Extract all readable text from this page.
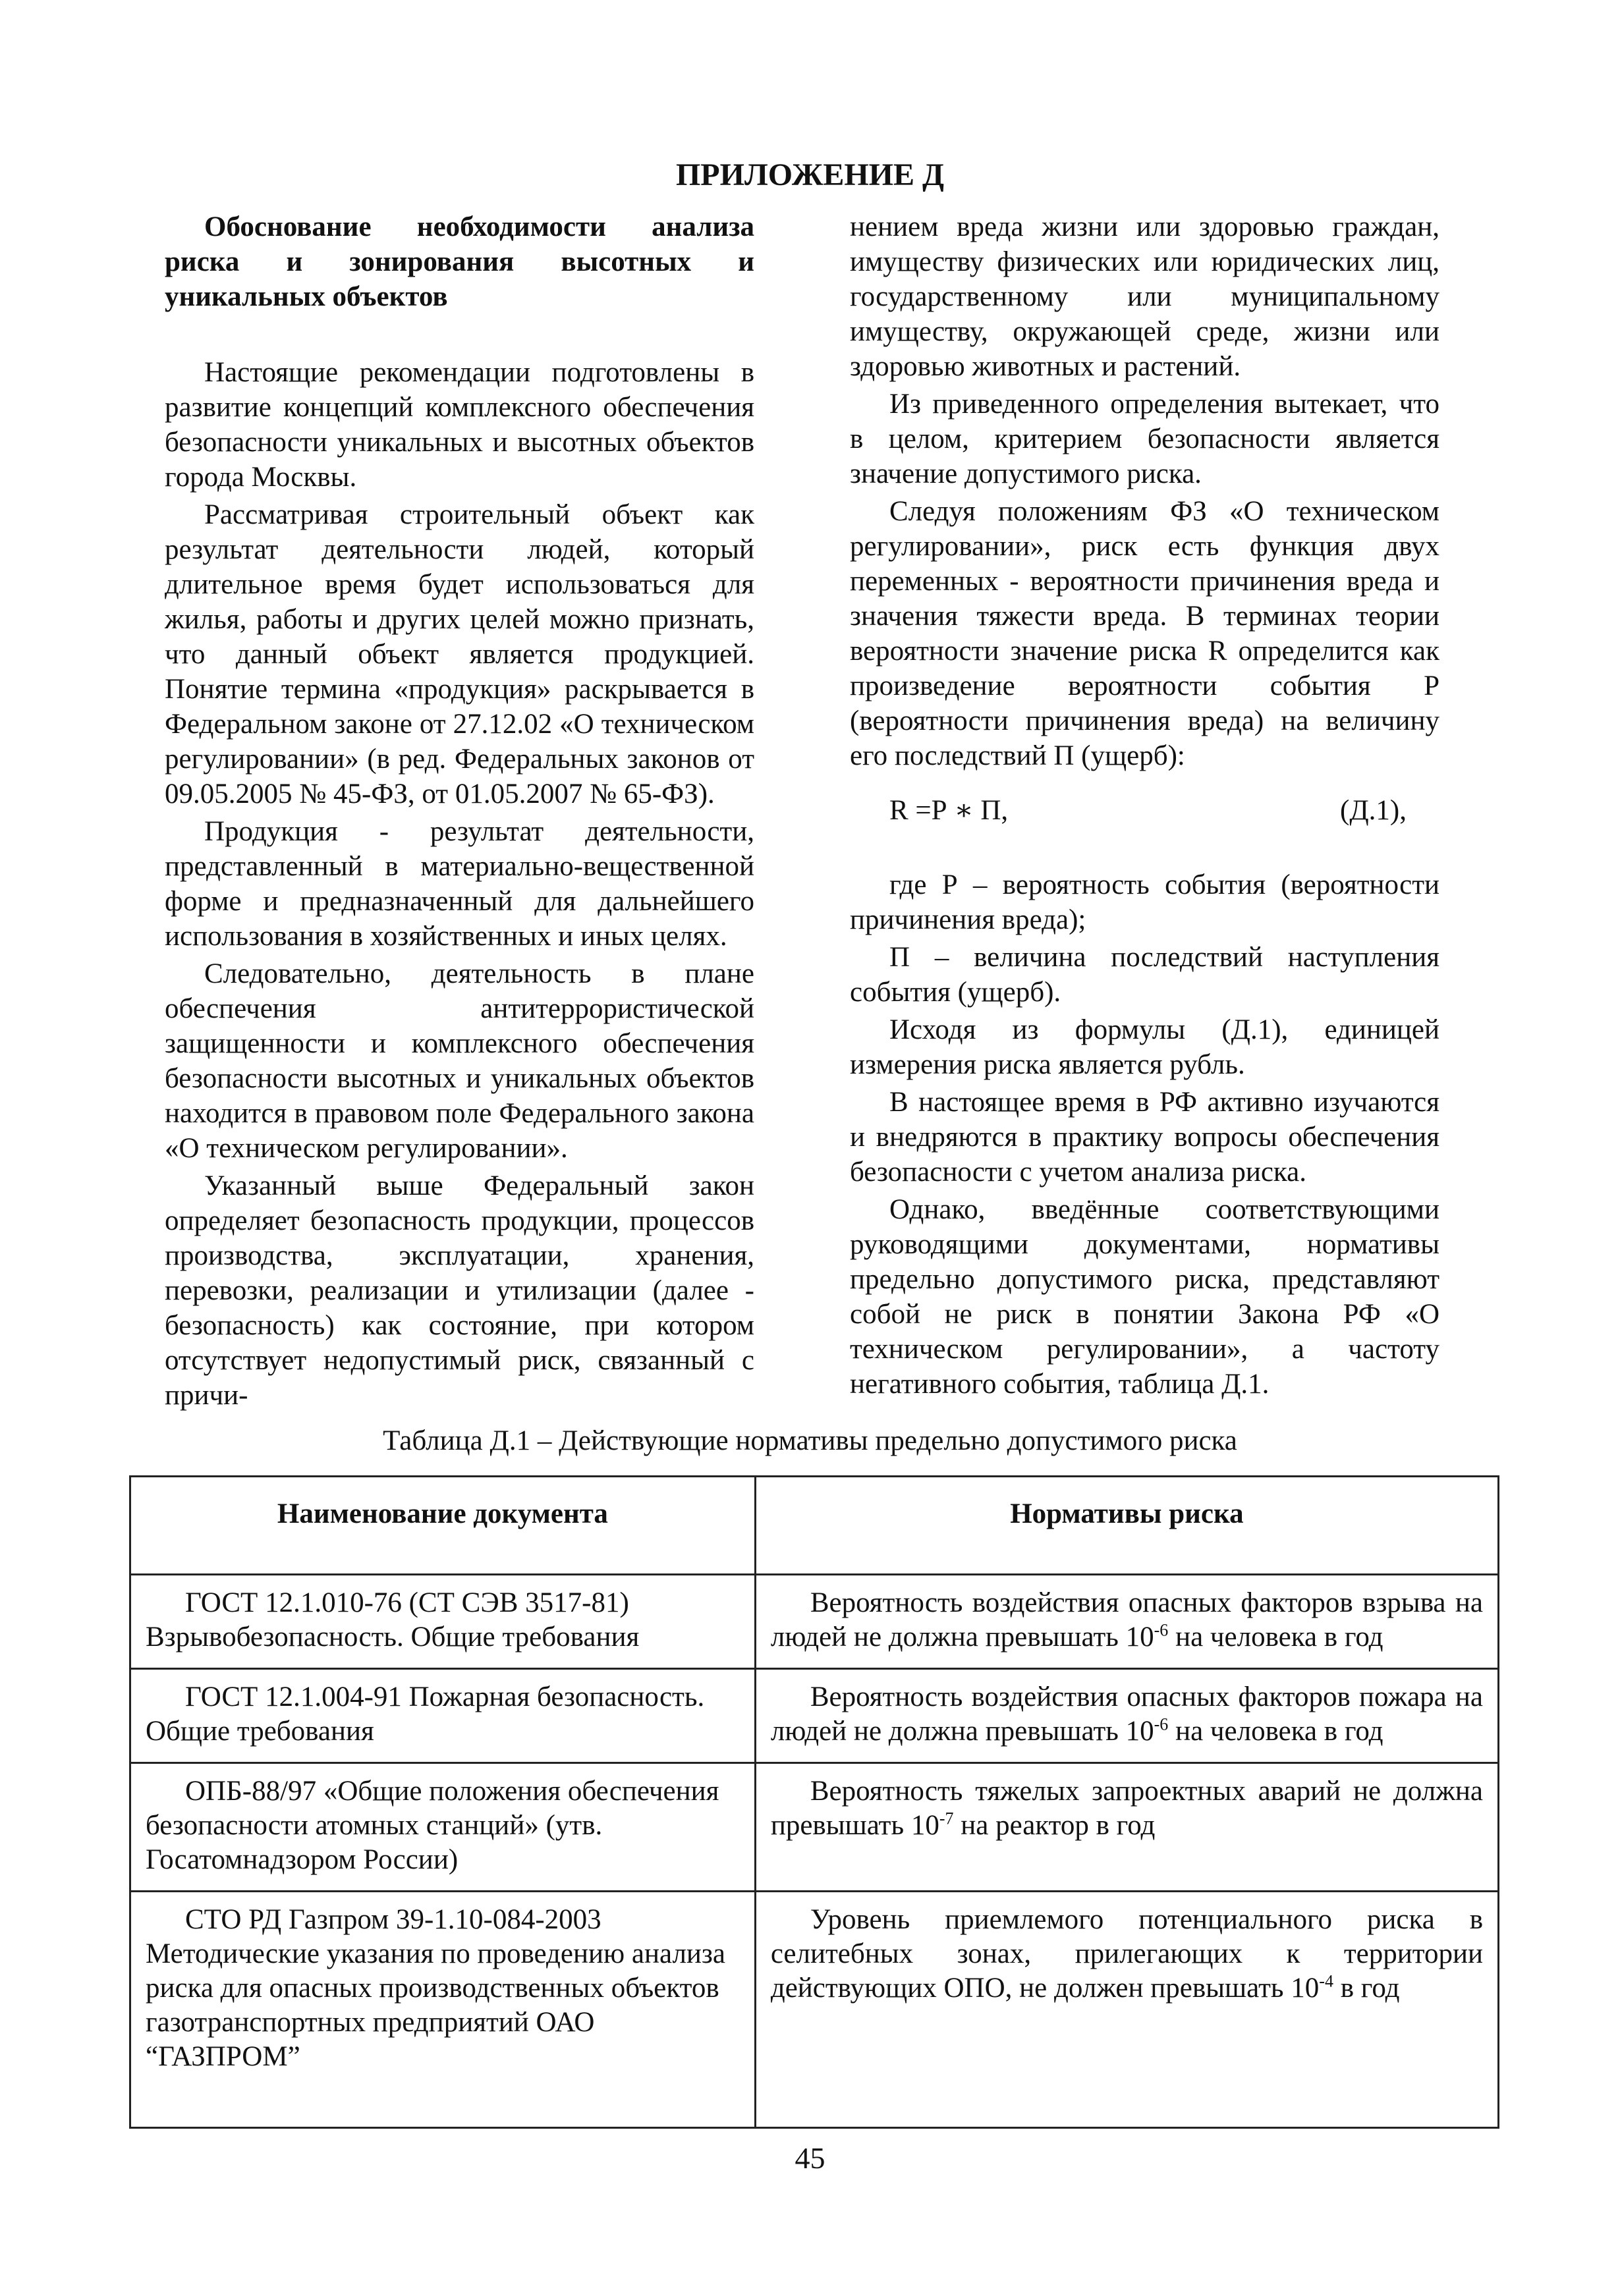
ПРИЛОЖЕНИЕ Д

Обоснование необходимости анализа риска и зонирования высотных и уникальных объектов

Настоящие рекомендации подготовлены в развитие концепций комплексного обеспечения безопасности уникальных и высотных объектов города Москвы.

Рассматривая строительный объект как результат деятельности людей, который длительное время будет использоваться для жилья, работы и других целей можно признать, что данный объект является продукцией. Понятие термина «продукция» раскрывается в Федеральном законе от 27.12.02 «О техническом регулировании» (в ред. Федеральных законов от 09.05.2005 № 45-ФЗ, от 01.05.2007 № 65-ФЗ).

Продукция - результат деятельности, представленный в материально-вещественной форме и предназначенный для дальнейшего использования в хозяйственных и иных целях.

Следовательно, деятельность в плане обеспечения антитеррористической защищенности и комплексного обеспечения безопасности высотных и уникальных объектов находится в правовом поле Федерального закона «О техническом регулировании».

Указанный выше Федеральный закон определяет безопасность продукции, процессов производства, эксплуатации, хранения, перевозки, реализации и утилизации (далее - безопасность) как состояние, при котором отсутствует недопустимый риск, связанный с причи-

нением вреда жизни или здоровью граждан, имуществу физических или юридических лиц, государственному или муниципальному имуществу, окружающей среде, жизни или здоровью животных и растений.

Из приведенного определения вытекает, что в целом, критерием безопасности является значение допустимого риска.

Следуя положениям ФЗ «О техническом регулировании», риск есть функция двух переменных - вероятности причинения вреда и значения тяжести вреда. В терминах теории вероятности значение риска R определится как произведение вероятности события Р (вероятности причинения вреда) на величину его последствий П (ущерб):

R =Р ∗ П,	(Д.1),

где Р – вероятность события (вероятности причинения вреда);

П – величина последствий наступления события (ущерб).

Исходя из формулы (Д.1), единицей измерения риска является рубль.

В настоящее время в РФ активно изучаются и внедряются в практику вопросы обеспечения безопасности с учетом анализа риска.

Однако, введённые соответствующими руководящими документами, нормативы предельно допустимого риска, представляют собой не риск в понятии Закона РФ «О техническом регулировании», а частоту негативного события, таблица Д.1.

Таблица Д.1 – Действующие нормативы предельно допустимого риска

Наименование документа	Нормативы риска
ГОСТ 12.1.010-76 (СТ СЭВ 3517-81) Взрывобезопасность. Общие требования	Вероятность воздействия опасных факторов взрыва на людей не должна превышать $10^{-6}$ на человека в год
ГОСТ 12.1.004-91 Пожарная безопасность. Общие требования	Вероятность воздействия опасных факторов пожара на людей не должна превышать $10^{-6}$ на человека в год
ОПБ-88/97 «Общие положения обеспечения безопасности атомных станций» (утв. Госатомнадзором России)	Вероятность тяжелых запроектных аварий не должна превышать $10^{-7}$ на реактор в год
СТО РД Газпром 39-1.10-084-2003 Методические указания по проведению анализа риска для опасных производственных объектов газотранспортных предприятий ОАО “ГАЗПРОМ”	Уровень приемлемого потенциального риска в селитебных зонах, прилегающих к территории действующих ОПО, не должен превышать $10^{-4}$ в год

45
